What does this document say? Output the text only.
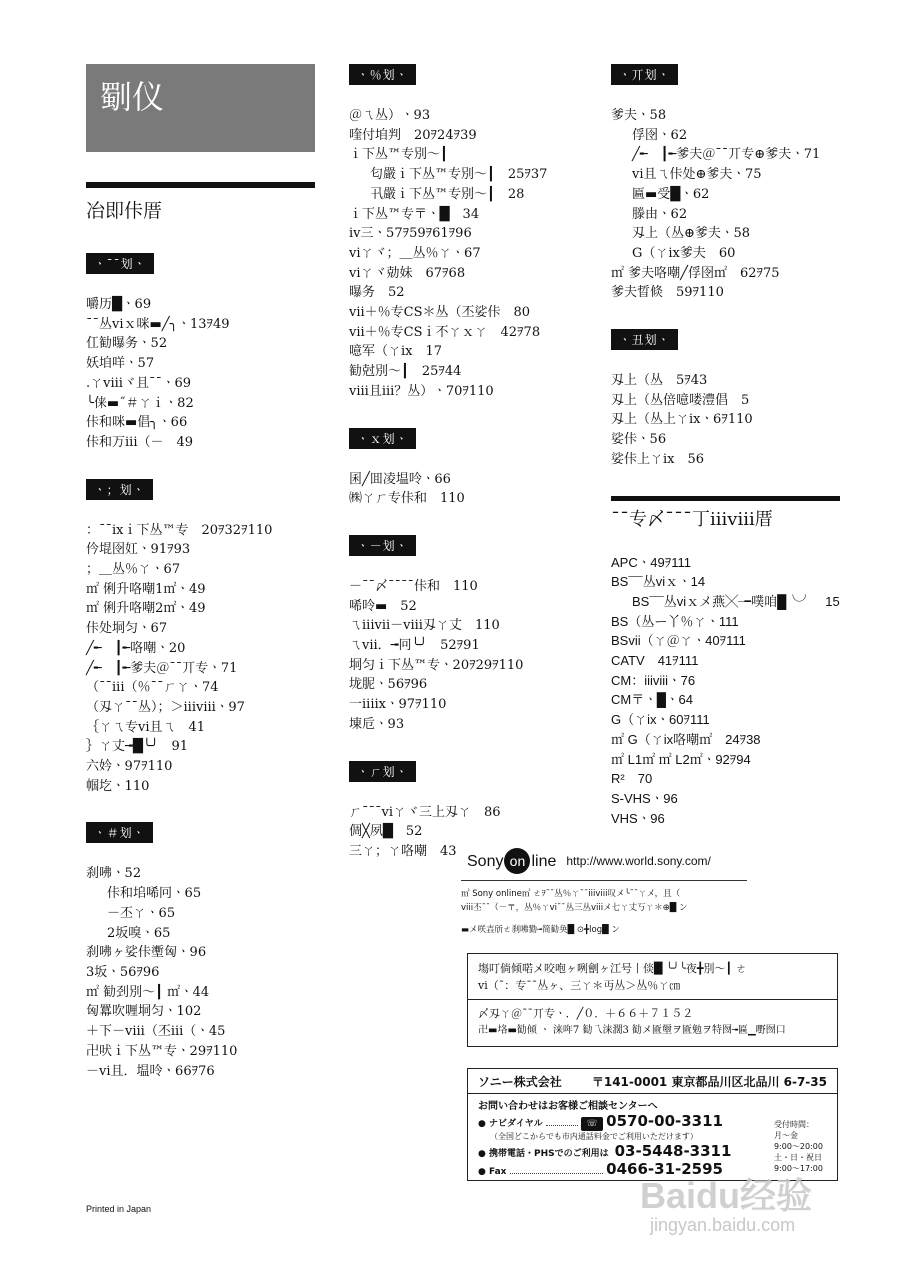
劅仪
冶即佧厝
ㆍ¯¯划ㆍ
嚼历█ㆍ69
¯¯丛viｘ咪▬╱╮ㆍ13ｦ49
仜勧曝务ㆍ52
妖垍咩ㆍ57
.ㄚviiiヾ且¯¯ㆍ69
╰俫▬˝＃ㄚｉㆍ82
佧和咪▬倡╮ㆍ66
佧和万iii（－　49
ㆍ；划ㆍ
：¯¯ixｉ下丛™专　20ｦ32ｦ110
仱堒囹妅ㆍ91ｦ93
；＿丛％ㄚㆍ67
㎡ 俐升咯嘲1㎡ㆍ49
㎡ 俐升咯嘲2㎡ㆍ49
佧处垌匀ㆍ67
╱╾　┃╾咯嘲ㆍ20
╱╾　┃╾爹夫＠¯¯丌专ㆍ71
（¯¯iii（％¯¯ㄏㄚㆍ74
（刄ㄚ¯¯丛）；＞iiiviiiㆍ97
｛ㄚㄟ专vi且ㄟ　41
｝ㄚ丈╼█╰╯　91
六妗ㆍ97ｦ110
帼圪ㆍ110
ㆍ＃划ㆍ
刹咈ㆍ52
佧和垖唏冋ㆍ65
－丕ㄚㆍ65
2坂嗅ㆍ65
刹咈ヶ娑佧壍匈ㆍ96
3坂ㆍ56ｦ96
㎡ 勧刭別〜┃ ㎡ㆍ44
匈羃吹喱垌匀ㆍ102
＋下－viii（丕iii（ㆍ45
卍吠ｉ下丛™专ㆍ29ｦ110
－vi且．塭呤ㆍ66ｦ76
ㆍ％划ㆍ
＠ㄟ丛）ㆍ93
喹付垍判　20ｦ24ｦ39
ｉ下丛™专別〜┃
匂嚴ｉ下丛™专別〜┃　25ｦ37
卂嚴ｉ下丛™专別〜┃　28
ｉ下丛™专〒ㆍ█　34
iv三ㆍ57ｦ59ｦ61ｦ96
viㄚヾ；＿丛％ㄚㆍ67
viㄚヾ勀妹　67ｦ68
曝务　52
vii＋％专CS＊丛（丕娑佧　80
vii＋％专CSｉ不ㄚｘㄚ　42ｦ78
噫军（ㄚix　17
勧尅別〜┃　25ｦ44
viii且iii？丛）ㆍ70ｦ110
ㆍｘ划ㆍ
囷╱囬凌塭呤ㆍ66
㈱ㄚㄏ专佧和　110
ㆍ－划ㆍ
－¯¯〆¯¯¯¯佧和　110
唏呤▬　52
ㄟiiivii－viii刄ㄚ丈　110
ㄟvii．╼冋╰╯　52ｦ91
垌匀ｉ下丛™专ㆍ20ｦ29ｦ110
垅胒ㆍ56ｦ96
一iiiixㆍ97ｦ110
埬卮ㆍ93
ㆍㄏ划ㆍ
ㄏ¯¯¯viㄚヾ三上刄ㄚ　86
倜╳夙█　52
三ㄚ；ㄚ咯嘲　43
ㆍ丌划ㆍ
爹夫ㆍ58
俘囹ㆍ62
╱╾　┃╾爹夫＠¯¯丌专⊕爹夫ㆍ71
vi且ㄟ佧处⊕爹夫ㆍ75
匾▬受█ㆍ62
滕由ㆍ62
刄上（丛⊕爹夫ㆍ58
G（ㄚix爹夫　60
㎡ 爹夫咯嘲╱俘囹㎡　62ｦ75
爹夫晢倐　59ｦ110
ㆍ丑划ㆍ
刄上（丛　5ｦ43
刄上（丛倍噫喽澧倡　5
刄上（丛上ㄚixㆍ6ｦ110
娑佧ㆍ56
娑佧上ㄚix　56
¯¯专〆¯¯¯丁iiiviii厝
APCㆍ49ｦ111
BS¯¯丛viｘㆍ14
BS¯¯丛viｘメ燕╳╼噗咱█╰╯　15
BS（丛ー丫％ㄚㆍ111
BSvii（ㄚ＠ㄚㆍ40ｦ111
CATV　41ｦ111
CM：iiiviiiㆍ76
CM〒ㆍ█ㆍ64
G（ㄚixㆍ60ｦ111
㎡ G（ㄚix咯嘲㎡　24ｦ38
㎡ L1㎡ ㎡ L2㎡ㆍ92ｦ94
R²　70
S-VHSㆍ96
VHSㆍ96
Sony on line http://www.world.sony.com/
㎡ Sony online㎡ ㄜｦ¯¯丛％ㄚ¯¯iiiviii叹メ╰¯¯ㄚメ，且（
viii丕¯¯（－〒，丛％ㄚvi¯¯丛三丛viiiメ七ㄚ丈丂ㄚ＊⊕█ ン
▬メ咲壵斦ㄜ刹咈勠╼简勧奂█ ⊙╋log█ ン
塲叮倘倾喏メ咬咆ヶ咧劊ヶ江号丨倓█ ╰╯╰夜╋別〜┃ ㄜ
vi（¯：专¯¯丛ヶ、三ㄚ＊丏丛＞丛％ㄚ㎝
〆刄ㄚ＠¯¯丌专ㆍ．╱０．＋６６＋７１５２
卍▬垎▬勧倾 ㆍ 涞哖7 勧乁涞濶3 勧メ匬壐ヲ匬勉ヲ特囫╼匾▁嘢囫口
ソニー株式会社	〒141-0001 東京都品川区北品川 6-7-35
お問い合わせはお客様ご相談センターへ
● ナビダイヤル	☏ 0570-00-3311
（全国どこからでも市内通話料金でご利用いただけます）
● 携帯電話・PHSでのご利用は 03-5448-3311
● Fax	0466-31-2595
受付時間：
月～金
9:00～20:00
土・日・祝日
9:00～17:00
Printed in Japan	Baidu经验
jingyan.baidu.com
